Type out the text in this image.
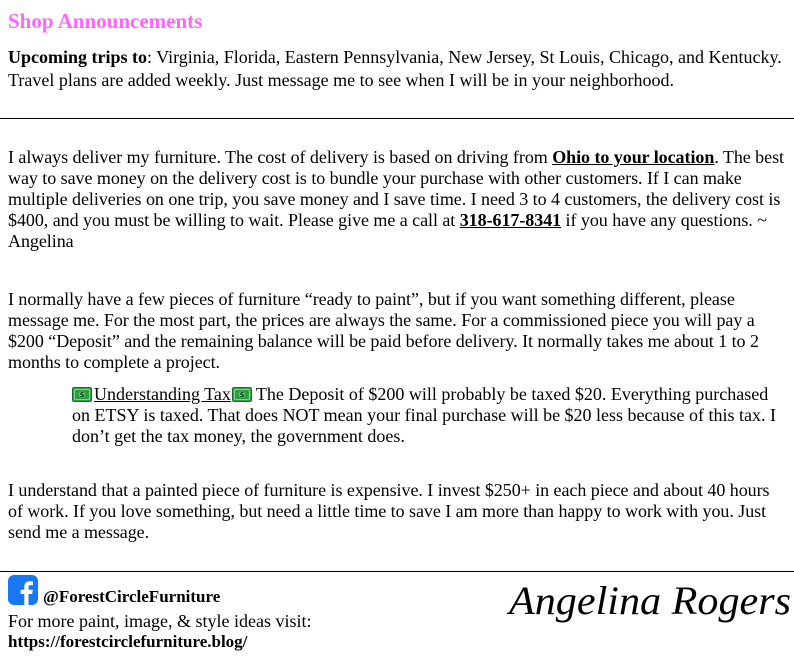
Shop Announcements
Upcoming trips to: Virginia, Florida, Eastern Pennsylvania, New Jersey, St Louis, Chicago, and Kentucky. Travel plans are added weekly. Just message me to see when I will be in your neighborhood.
I always deliver my furniture. The cost of delivery is based on driving from Ohio to your location. The best way to save money on the delivery cost is to bundle your purchase with other customers. If I can make multiple deliveries on one trip, you save money and I save time. I need 3 to 4 customers, the delivery cost is $400, and you must be willing to wait. Please give me a call at 318-617-8341 if you have any questions. ~ Angelina
I normally have a few pieces of furniture “ready to paint”, but if you want something different, please message me. For the most part, the prices are always the same. For a commissioned piece you will pay a $200 “Deposit” and the remaining balance will be paid before delivery. It normally takes me about 1 to 2 months to complete a project.
$ Understanding Tax $ The Deposit of $200 will probably be taxed $20. Everything purchased on ETSY is taxed. That does NOT mean your final purchase will be $20 less because of this tax. I don’t get the tax money, the government does.
I understand that a painted piece of furniture is expensive. I invest $250+ in each piece and about 40 hours of work. If you love something, but need a little time to save I am more than happy to work with you. Just send me a message.
@ForestCircleFurniture
For more paint, image, & style ideas visit:
https://forestcirclefurniture.blog/
Angelina Rogers
